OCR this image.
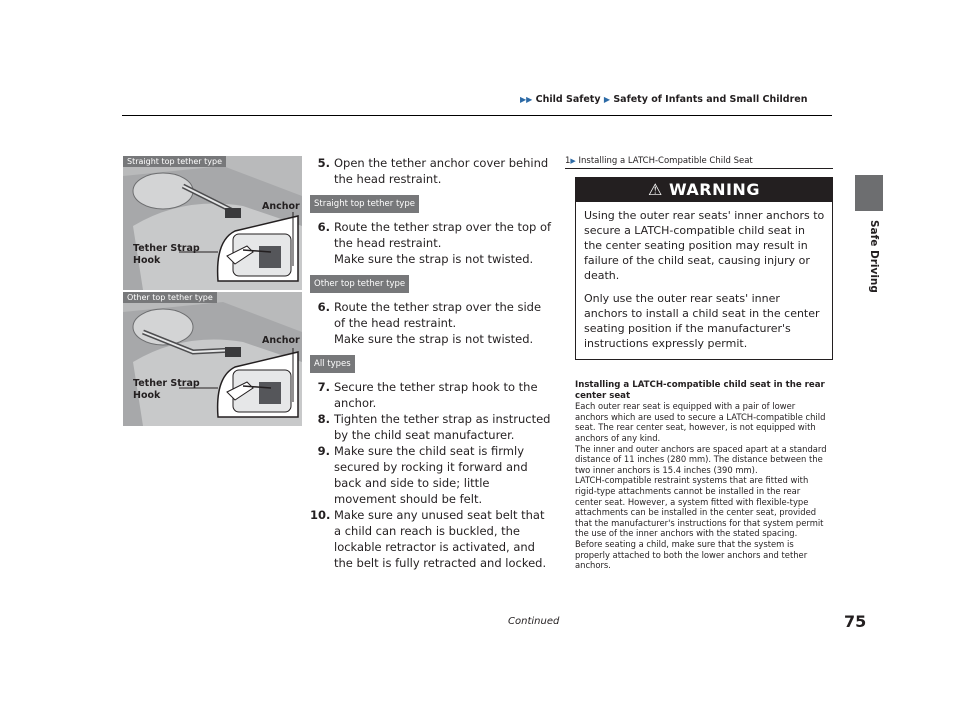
▶▶ Child Safety ▶ Safety of Infants and Small Children
Safe Driving
Straight top tether type
Anchor
Tether Strap
Hook
Other top tether type
Anchor
Tether Strap
Hook
5. Open the tether anchor cover behind the head restraint.
Straight top tether type
6. Route the tether strap over the top of the head restraint.
Make sure the strap is not twisted.
Other top tether type
6. Route the tether strap over the side of the head restraint.
Make sure the strap is not twisted.
All types
7. Secure the tether strap hook to the anchor.
8. Tighten the tether strap as instructed by the child seat manufacturer.
9. Make sure the child seat is firmly secured by rocking it forward and back and side to side; little movement should be felt.
10. Make sure any unused seat belt that a child can reach is buckled, the lockable retractor is activated, and the belt is fully retracted and locked.
1▶ Installing a LATCH-Compatible Child Seat
⚠ WARNING

Using the outer rear seats' inner anchors to secure a LATCH-compatible child seat in the center seating position may result in failure of the child seat, causing injury or death.

Only use the outer rear seats' inner anchors to install a child seat in the center seating position if the manufacturer's instructions expressly permit.

Installing a LATCH-compatible child seat in the rear center seat
Each outer rear seat is equipped with a pair of lower anchors which are used to secure a LATCH-compatible child seat. The rear center seat, however, is not equipped with anchors of any kind.
The inner and outer anchors are spaced apart at a standard distance of 11 inches (280 mm). The distance between the two inner anchors is 15.4 inches (390 mm).
LATCH-compatible restraint systems that are fitted with rigid-type attachments cannot be installed in the rear center seat. However, a system fitted with flexible-type attachments can be installed in the center seat, provided that the manufacturer's instructions for that system permit the use of the inner anchors with the stated spacing.
Before seating a child, make sure that the system is properly attached to both the lower anchors and tether anchors.
Continued	75
